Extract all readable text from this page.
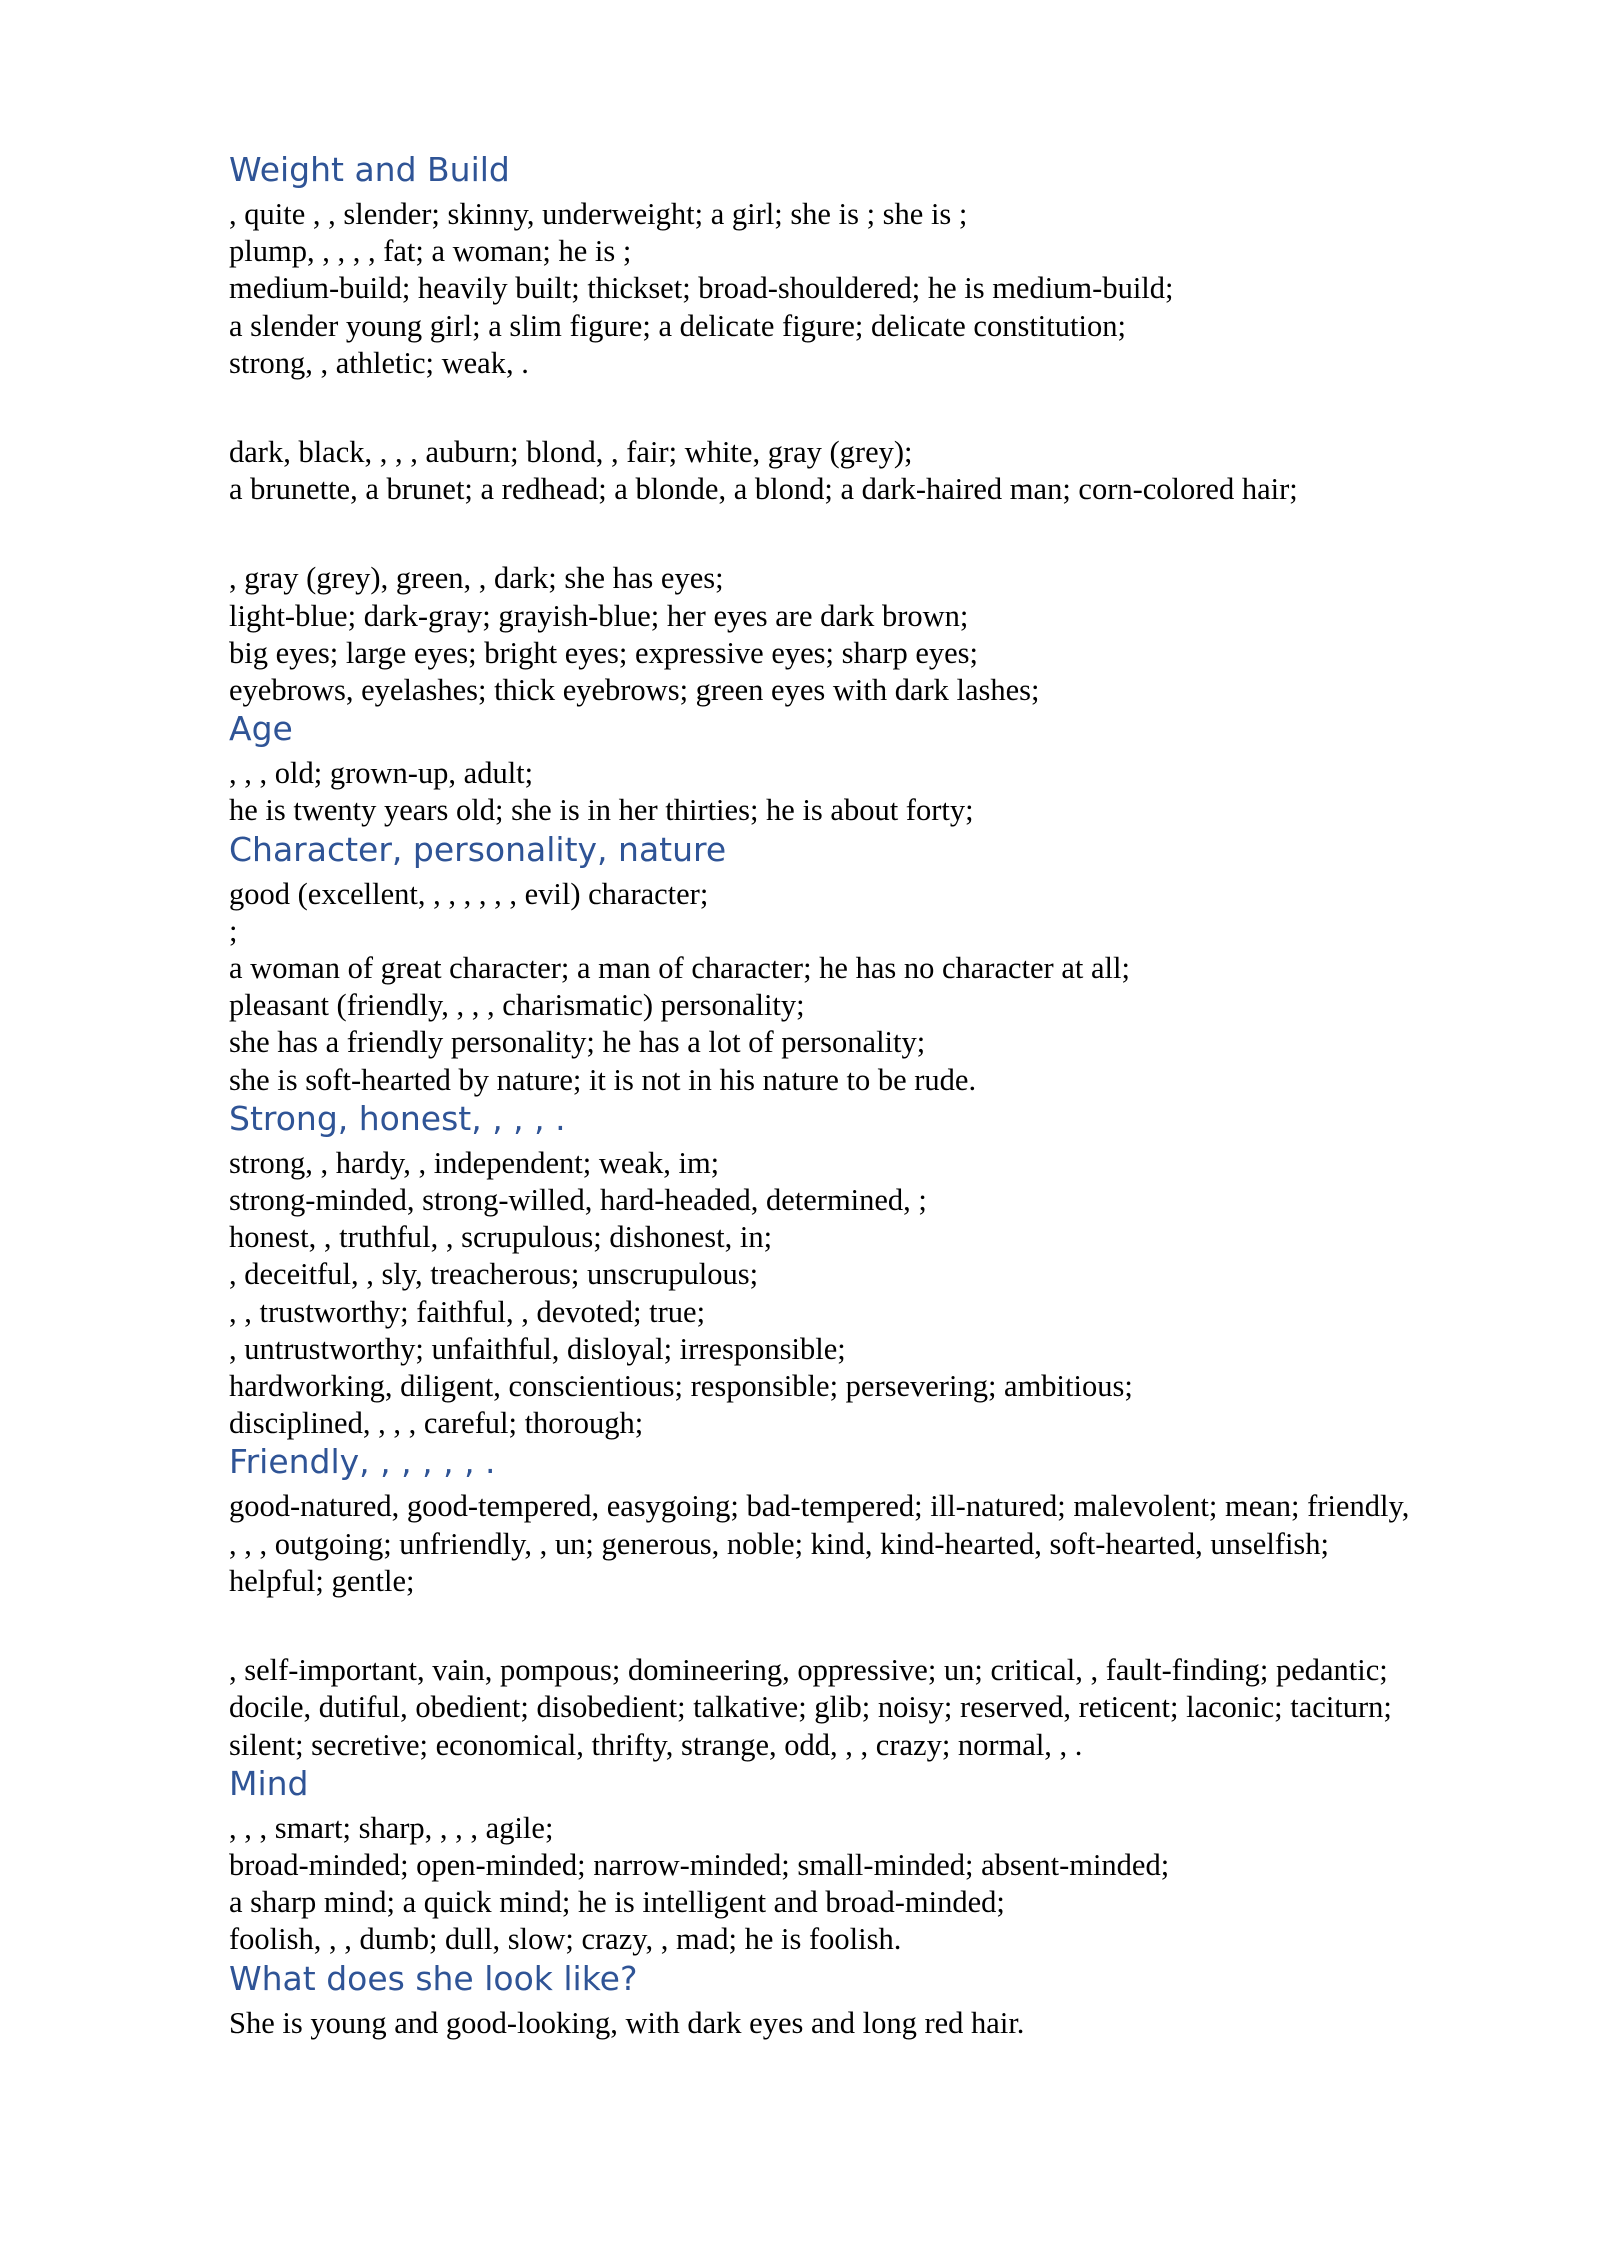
Weight and Build

, quite , , slender; skinny, underweight; a girl; she is ; she is ;

plump, , , , , fat; a woman; he is ;

medium-build; heavily built; thickset; broad-shouldered; he is medium-build;

a slender young girl; a slim figure; a delicate figure; delicate constitution;

strong, , athletic; weak, .

dark, black, , , , auburn; blond, , fair; white, gray (grey);

a brunette, a brunet; a redhead; a blonde, a blond; a dark-haired man; corn-colored hair;

, gray (grey), green, , dark; she has eyes;

light-blue; dark-gray; grayish-blue; her eyes are dark brown;

big eyes; large eyes; bright eyes; expressive eyes; sharp eyes;

eyebrows, eyelashes; thick eyebrows; green eyes with dark lashes;

Age

, , , old; grown-up, adult;

he is twenty years old; she is in her thirties; he is about forty;

Character, personality, nature

good (excellent, , , , , , , evil) character;

;

a woman of great character; a man of character; he has no character at all;

pleasant (friendly, , , , charismatic) personality;

she has a friendly personality; he has a lot of personality;

she is soft-hearted by nature; it is not in his nature to be rude.

Strong, honest, , , , .

strong, , hardy, , independent; weak, im;

strong-minded, strong-willed, hard-headed, determined, ;

honest, , truthful, , scrupulous; dishonest, in;

, deceitful, , sly, treacherous; unscrupulous;

, , trustworthy; faithful, , devoted; true;

, untrustworthy; unfaithful, disloyal; irresponsible;

hardworking, diligent, conscientious; responsible; persevering; ambitious;

disciplined, , , , careful; thorough;

Friendly, , , , , , .

good-natured, good-tempered, easygoing; bad-tempered; ill-natured; malevolent; mean; friendly,

, , , outgoing; unfriendly, , un; generous, noble; kind, kind-hearted, soft-hearted, unselfish;

helpful; gentle;

, self-important, vain, pompous; domineering, oppressive; un; critical, , fault-finding; pedantic;

docile, dutiful, obedient; disobedient; talkative; glib; noisy; reserved, reticent; laconic; taciturn;

silent; secretive; economical, thrifty, strange, odd, , , crazy; normal, , .

Mind

, , , smart; sharp, , , , agile;

broad-minded; open-minded; narrow-minded; small-minded; absent-minded;

a sharp mind; a quick mind; he is intelligent and broad-minded;

foolish, , , dumb; dull, slow; crazy, , mad; he is foolish.

What does she look like?

She is young and good-looking, with dark eyes and long red hair.
